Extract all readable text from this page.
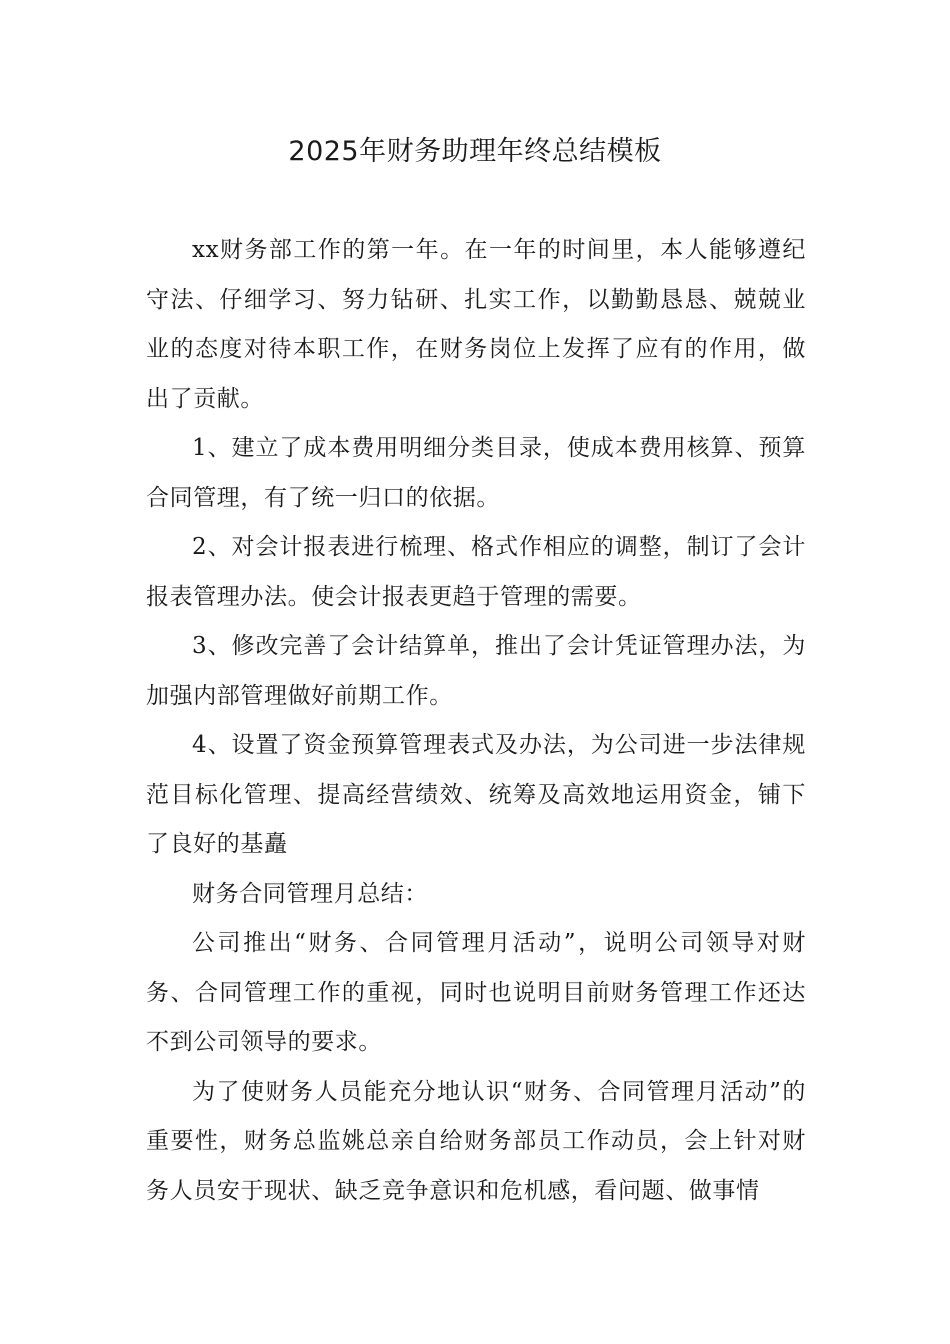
2025年财务助理年终总结模板

xx财务部工作的第一年。在一年的时间里，本人能够遵纪守法、仔细学习、努力钻研、扎实工作，以勤勤恳恳、兢兢业业的态度对待本职工作，在财务岗位上发挥了应有的作用，做出了贡献。

1、建立了成本费用明细分类目录，使成本费用核算、预算合同管理，有了统一归口的依据。

2、对会计报表进行梳理、格式作相应的调整，制订了会计报表管理办法。使会计报表更趋于管理的需要。

3、修改完善了会计结算单，推出了会计凭证管理办法，为加强内部管理做好前期工作。

4、设置了资金预算管理表式及办法，为公司进一步法律规范目标化管理、提高经营绩效、统筹及高效地运用资金，铺下了良好的基矗

财务合同管理月总结：

公司推出“财务、合同管理月活动”，说明公司领导对财务、合同管理工作的重视，同时也说明目前财务管理工作还达不到公司领导的要求。

为了使财务人员能充分地认识“财务、合同管理月活动”的重要性，财务总监姚总亲自给财务部员工作动员，会上针对财务人员安于现状、缺乏竞争意识和危机感，看问题、做事情
